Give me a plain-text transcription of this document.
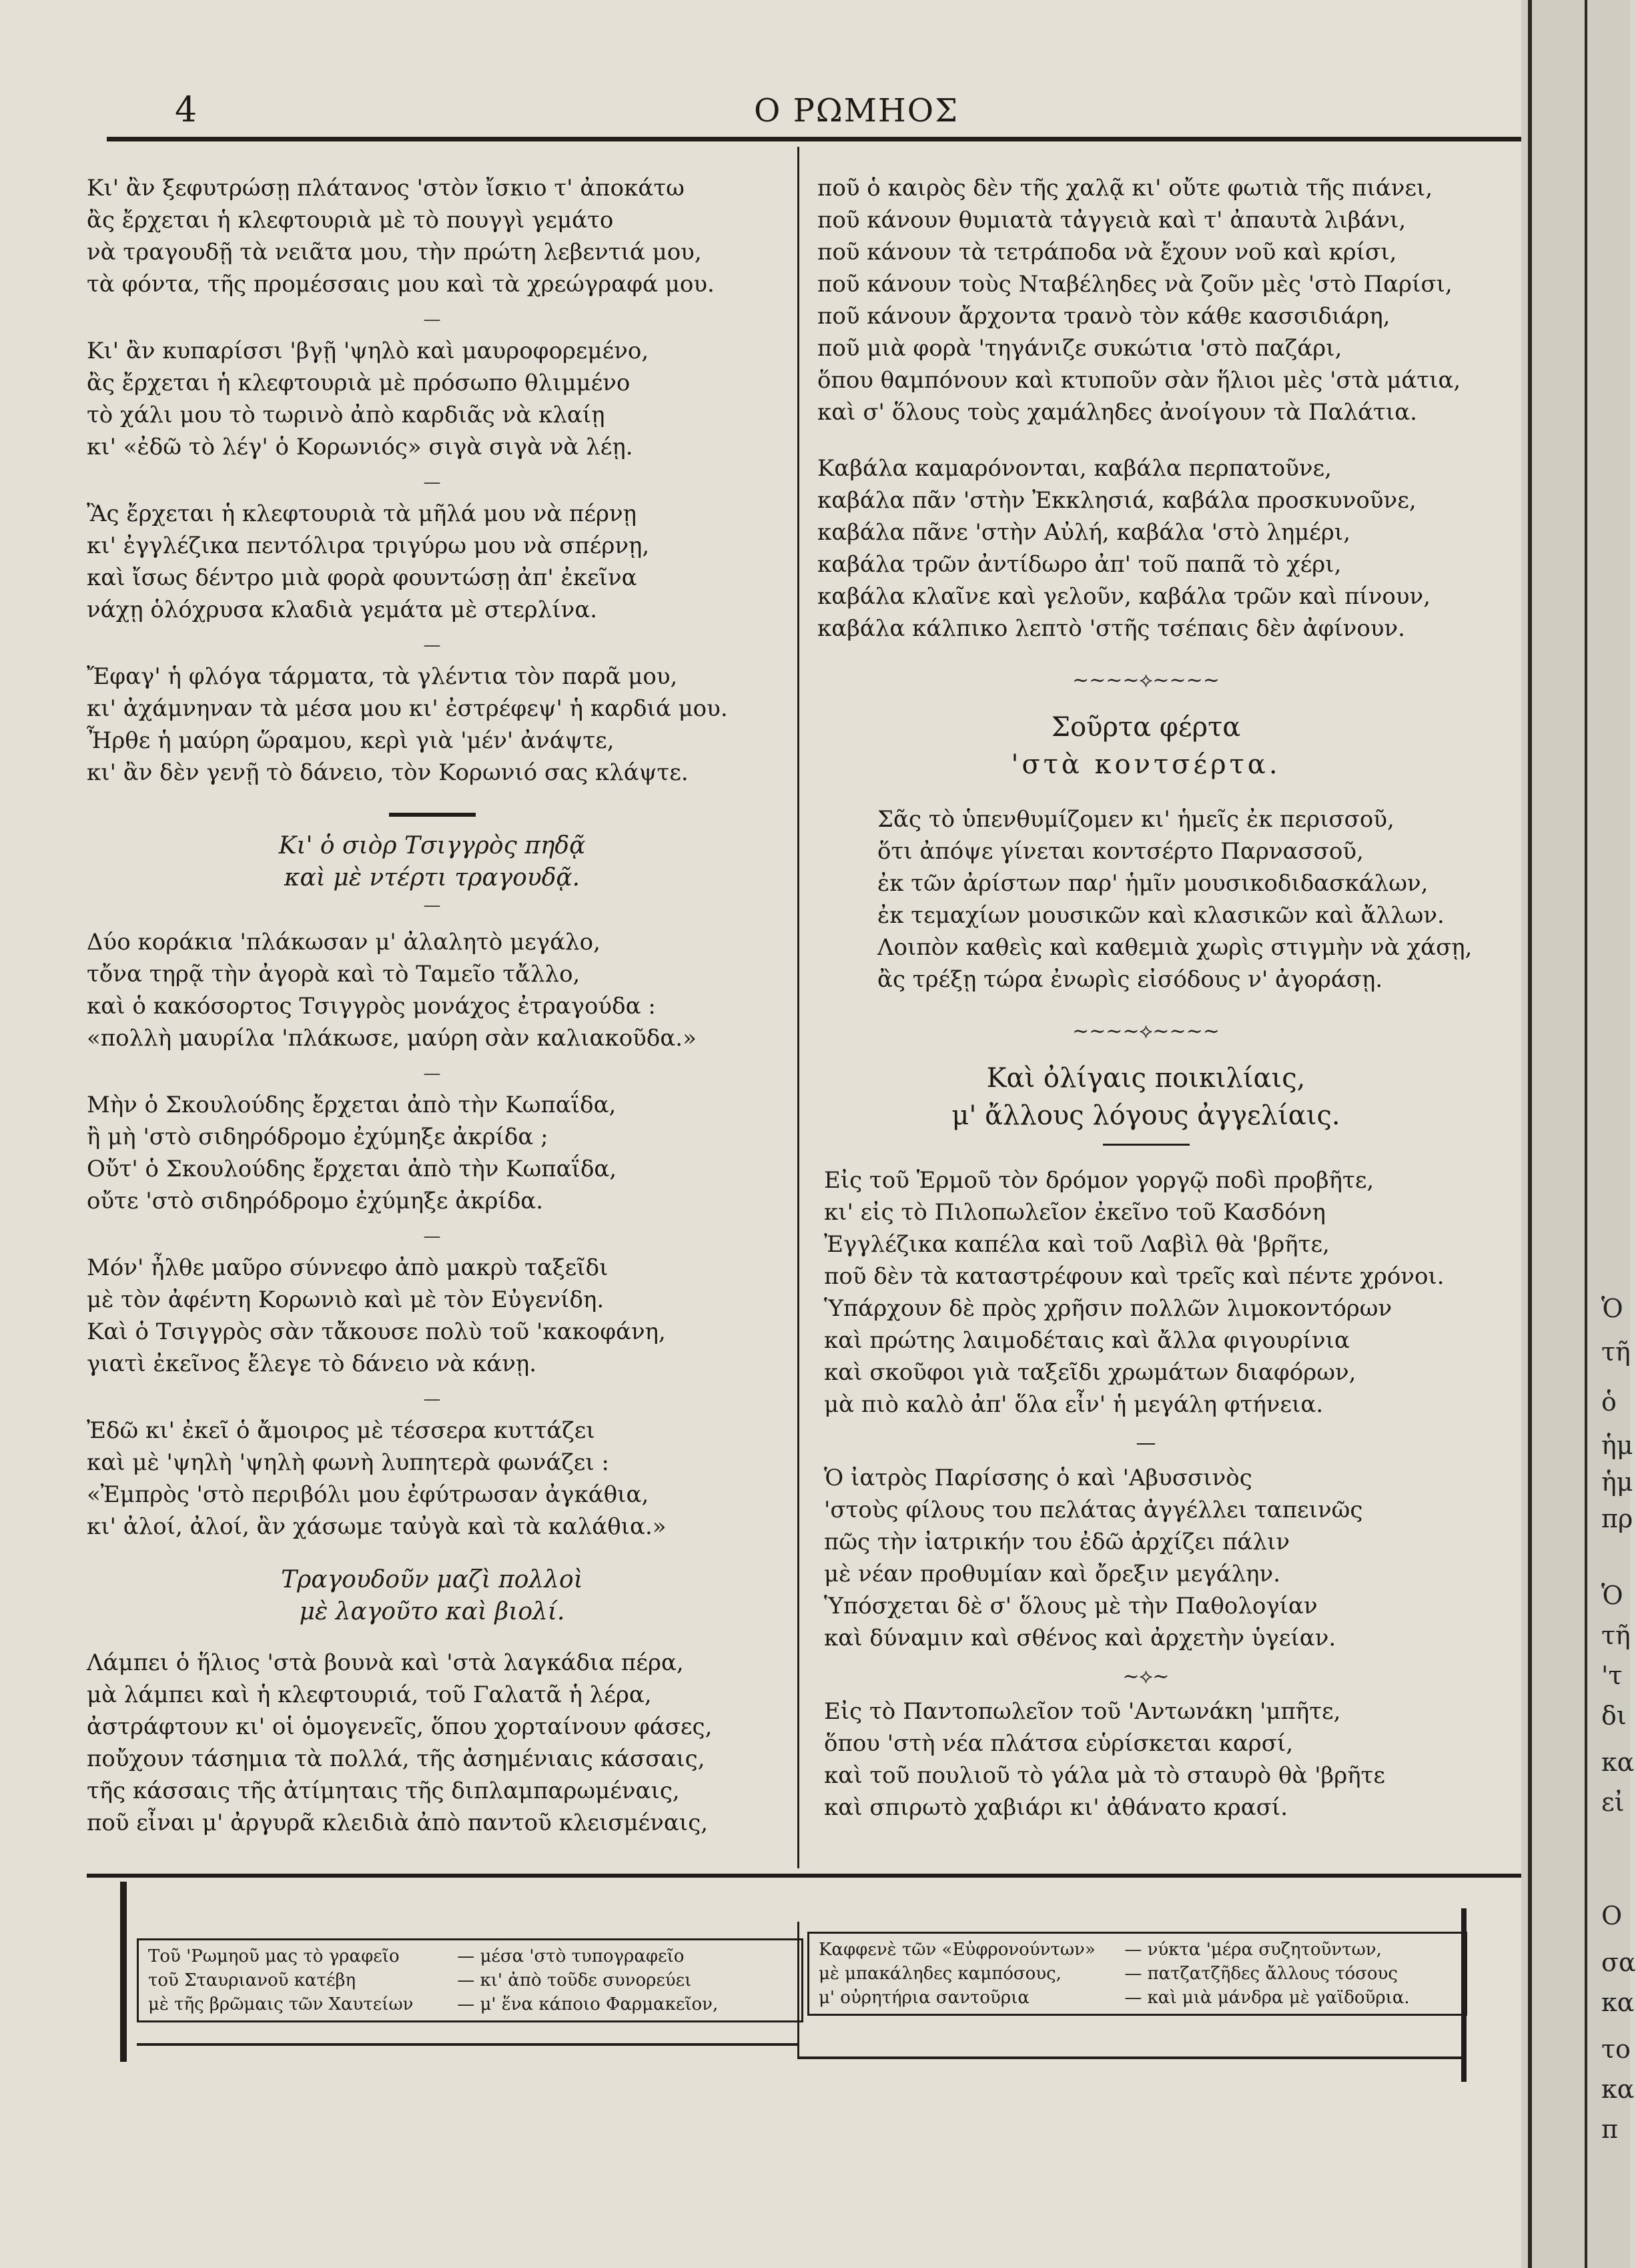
4	Ο ΡΩΜΗΟΣ
Κι' ἂν ξεφυτρώσῃ πλάτανος 'στὸν ἴσκιο τ' ἀποκάτω
ἂς ἔρχεται ἡ κλεφτουριὰ μὲ τὸ πουγγὶ γεμάτο
νὰ τραγουδῇ τὰ νειᾶτα μου, τὴν πρώτη λεβεντιά μου,
τὰ φόντα, τῆς προμέσσαις μου καὶ τὰ χρεώγραφά μου.
—
Κι' ἂν κυπαρίσσι 'βγῇ 'ψηλὸ καὶ μαυροφορεμένο,
ἂς ἔρχεται ἡ κλεφτουριὰ μὲ πρόσωπο θλιμμένο
τὸ χάλι μου τὸ τωρινὸ ἀπὸ καρδιᾶς νὰ κλαίῃ
κι' «ἐδῶ τὸ λέγ' ὁ Κορωνιός» σιγὰ σιγὰ νὰ λέῃ.
—
Ἂς ἔρχεται ἡ κλεφτουριὰ τὰ μῆλά μου νὰ πέρνῃ
κι' ἐγγλέζικα πεντόλιρα τριγύρω μου νὰ σπέρνῃ,
καὶ ἴσως δέντρο μιὰ φορὰ φουντώσῃ ἀπ' ἐκεῖνα
νάχῃ ὁλόχρυσα κλαδιὰ γεμάτα μὲ στερλίνα.
—
Ἔφαγ' ἡ φλόγα τάρματα, τὰ γλέντια τὸν παρᾶ μου,
κι' ἀχάμνηναν τὰ μέσα μου κι' ἐστρέφεψ' ἡ καρδιά μου.
Ἦρθε ἡ μαύρη ὥραμου, κερὶ γιὰ 'μέν' ἀνάψτε,
κι' ἂν δὲν γενῇ τὸ δάνειο, τὸν Κορωνιό σας κλάψτε.
Κι' ὁ σιὸρ Τσιγγρὸς πηδᾷ
καὶ μὲ ντέρτι τραγουδᾷ.
—
Δύο κοράκια 'πλάκωσαν μ' ἀλαλητὸ μεγάλο,
τὄνα τηρᾷ τὴν ἀγορὰ καὶ τὸ Ταμεῖο τἄλλο,
καὶ ὁ κακόσορτος Τσιγγρὸς μονάχος ἐτραγούδα :
«πολλὴ μαυρίλα 'πλάκωσε, μαύρη σὰν καλιακοῦδα.»
—
Μὴν ὁ Σκουλούδης ἔρχεται ἀπὸ τὴν Κωπαΐδα,
ἢ μὴ 'στὸ σιδηρόδρομο ἐχύμηξε ἀκρίδα ;
Οὔτ' ὁ Σκουλούδης ἔρχεται ἀπὸ τὴν Κωπαΐδα,
οὔτε 'στὸ σιδηρόδρομο ἐχύμηξε ἀκρίδα.
—
Μόν' ἦλθε μαῦρο σύννεφο ἀπὸ μακρὺ ταξεῖδι
μὲ τὸν ἀφέντη Κορωνιὸ καὶ μὲ τὸν Εὐγενίδη.
Καὶ ὁ Τσιγγρὸς σὰν τἄκουσε πολὺ τοῦ 'κακοφάνη,
γιατὶ ἐκεῖνος ἔλεγε τὸ δάνειο νὰ κάνῃ.
—
Ἐδῶ κι' ἐκεῖ ὁ ἄμοιρος μὲ τέσσερα κυττάζει
καὶ μὲ 'ψηλὴ 'ψηλὴ φωνὴ λυπητερὰ φωνάζει :
«Ἐμπρὸς 'στὸ περιβόλι μου ἐφύτρωσαν ἀγκάθια,
κι' ἀλοί, ἀλοί, ἂν χάσωμε ταὐγὰ καὶ τὰ καλάθια.»
Τραγουδοῦν μαζὶ πολλοὶ
μὲ λαγοῦτο καὶ βιολί.
Λάμπει ὁ ἥλιος 'στὰ βουνὰ καὶ 'στὰ λαγκάδια πέρα,
μὰ λάμπει καὶ ἡ κλεφτουριά, τοῦ Γαλατᾶ ἡ λέρα,
ἀστράφτουν κι' οἱ ὁμογενεῖς, ὅπου χορταίνουν φάσες,
ποὔχουν τάσημια τὰ πολλά, τῆς ἀσημένιαις κάσσαις,
τῆς κάσσαις τῆς ἀτίμηταις τῆς διπλαμπαρωμέναις,
ποῦ εἶναι μ' ἀργυρᾶ κλειδιὰ ἀπὸ παντοῦ κλεισμέναις,
ποῦ ὁ καιρὸς δὲν τῆς χαλᾷ κι' οὔτε φωτιὰ τῆς πιάνει,
ποῦ κάνουν θυμιατὰ τἀγγειὰ καὶ τ' ἀπαυτὰ λιβάνι,
ποῦ κάνουν τὰ τετράποδα νὰ ἔχουν νοῦ καὶ κρίσι,
ποῦ κάνουν τοὺς Νταβέληδες νὰ ζοῦν μὲς 'στὸ Παρίσι,
ποῦ κάνουν ἄρχοντα τρανὸ τὸν κάθε κασσιδιάρη,
ποῦ μιὰ φορὰ 'τηγάνιζε συκώτια 'στὸ παζάρι,
ὅπου θαμπόνουν καὶ κτυποῦν σὰν ἥλιοι μὲς 'στὰ μάτια,
καὶ σ' ὅλους τοὺς χαμάληδες ἀνοίγουν τὰ Παλάτια.
Καβάλα καμαρόνονται, καβάλα περπατοῦνε,
καβάλα πᾶν 'στὴν Ἐκκλησιά, καβάλα προσκυνοῦνε,
καβάλα πᾶνε 'στὴν Αὐλή, καβάλα 'στὸ λημέρι,
καβάλα τρῶν ἀντίδωρο ἀπ' τοῦ παπᾶ τὸ χέρι,
καβάλα κλαῖνε καὶ γελοῦν, καβάλα τρῶν καὶ πίνουν,
καβάλα κάλπικο λεπτὸ 'στῆς τσέπαις δὲν ἀφίνουν.
~~~~⟡~~~~
Σοῦρτα φέρτα
'στὰ κοντσέρτα.
Σᾶς τὸ ὑπενθυμίζομεν κι' ἡμεῖς ἐκ περισσοῦ,
ὅτι ἀπόψε γίνεται κοντσέρτο Παρνασσοῦ,
ἐκ τῶν ἀρίστων παρ' ἡμῖν μουσικοδιδασκάλων,
ἐκ τεμαχίων μουσικῶν καὶ κλασικῶν καὶ ἄλλων.
Λοιπὸν καθεὶς καὶ καθεμιὰ χωρὶς στιγμὴν νὰ χάσῃ,
ἂς τρέξῃ τώρα ἐνωρὶς εἰσόδους ν' ἀγοράσῃ.
~~~~⟡~~~~
Καὶ ὀλίγαις ποικιλίαις,
μ' ἄλλους λόγους ἀγγελίαις.
Εἰς τοῦ Ἑρμοῦ τὸν δρόμον γοργῷ ποδὶ προβῆτε,
κι' εἰς τὸ Πιλοπωλεῖον ἐκεῖνο τοῦ Κασδόνη
Ἐγγλέζικα καπέλα καὶ τοῦ Λαβὶλ θὰ 'βρῆτε,
ποῦ δὲν τὰ καταστρέφουν καὶ τρεῖς καὶ πέντε χρόνοι.
Ὑπάρχουν δὲ πρὸς χρῆσιν πολλῶν λιμοκοντόρων
καὶ πρώτης λαιμοδέταις καὶ ἄλλα φιγουρίνια
καὶ σκοῦφοι γιὰ ταξεῖδι χρωμάτων διαφόρων,
μὰ πιὸ καλὸ ἀπ' ὅλα εἶν' ἡ μεγάλη φτήνεια.
—
Ὁ ἰατρὸς Παρίσσης ὁ καὶ 'Αβυσσινὸς
'στοὺς φίλους του πελάτας ἀγγέλλει ταπεινῶς
πῶς τὴν ἰατρικήν του ἐδῶ ἀρχίζει πάλιν
μὲ νέαν προθυμίαν καὶ ὄρεξιν μεγάλην.
Ὑπόσχεται δὲ σ' ὅλους μὲ τὴν Παθολογίαν
καὶ δύναμιν καὶ σθένος καὶ ἀρχετὴν ὑγείαν.
~⟡~
Εἰς τὸ Παντοπωλεῖον τοῦ 'Αντωνάκη 'μπῆτε,
ὅπου 'στὴ νέα πλάτσα εὑρίσκεται καρσί,
καὶ τοῦ πουλιοῦ τὸ γάλα μὰ τὸ σταυρὸ θὰ 'βρῆτε
καὶ σπιρωτὸ χαβιάρι κι' ἀθάνατο κρασί.
Τοῦ 'Ρωμηοῦ μας τὸ γραφεῖο	— μέσα 'στὸ τυπογραφεῖο
τοῦ Σταυριανοῦ κατέβη	— κι' ἀπὸ τοῦδε συνορεύει
μὲ τῆς βρῶμαις τῶν Χαυτείων	— μ' ἕνα κάποιο Φαρμακεῖον,
Καφφενὲ τῶν «Εὐφρονούντων» — νύκτα 'μέρα συζητοῦντων,
μὲ μπακάληδες καμπόσους,	— πατζατζῆδες ἄλλους τόσους
μ' οὐρητήρια σαντοῦρια	— καὶ μιὰ μάνδρα μὲ γαϊδοῦρια.
Ὁ
τῆ
ὁ
ἡμ
ἡμ
πρ
Ὁ
τῆ
'τ
δι
κα
εἰ
Ο
σα
κα
το
κα
π
